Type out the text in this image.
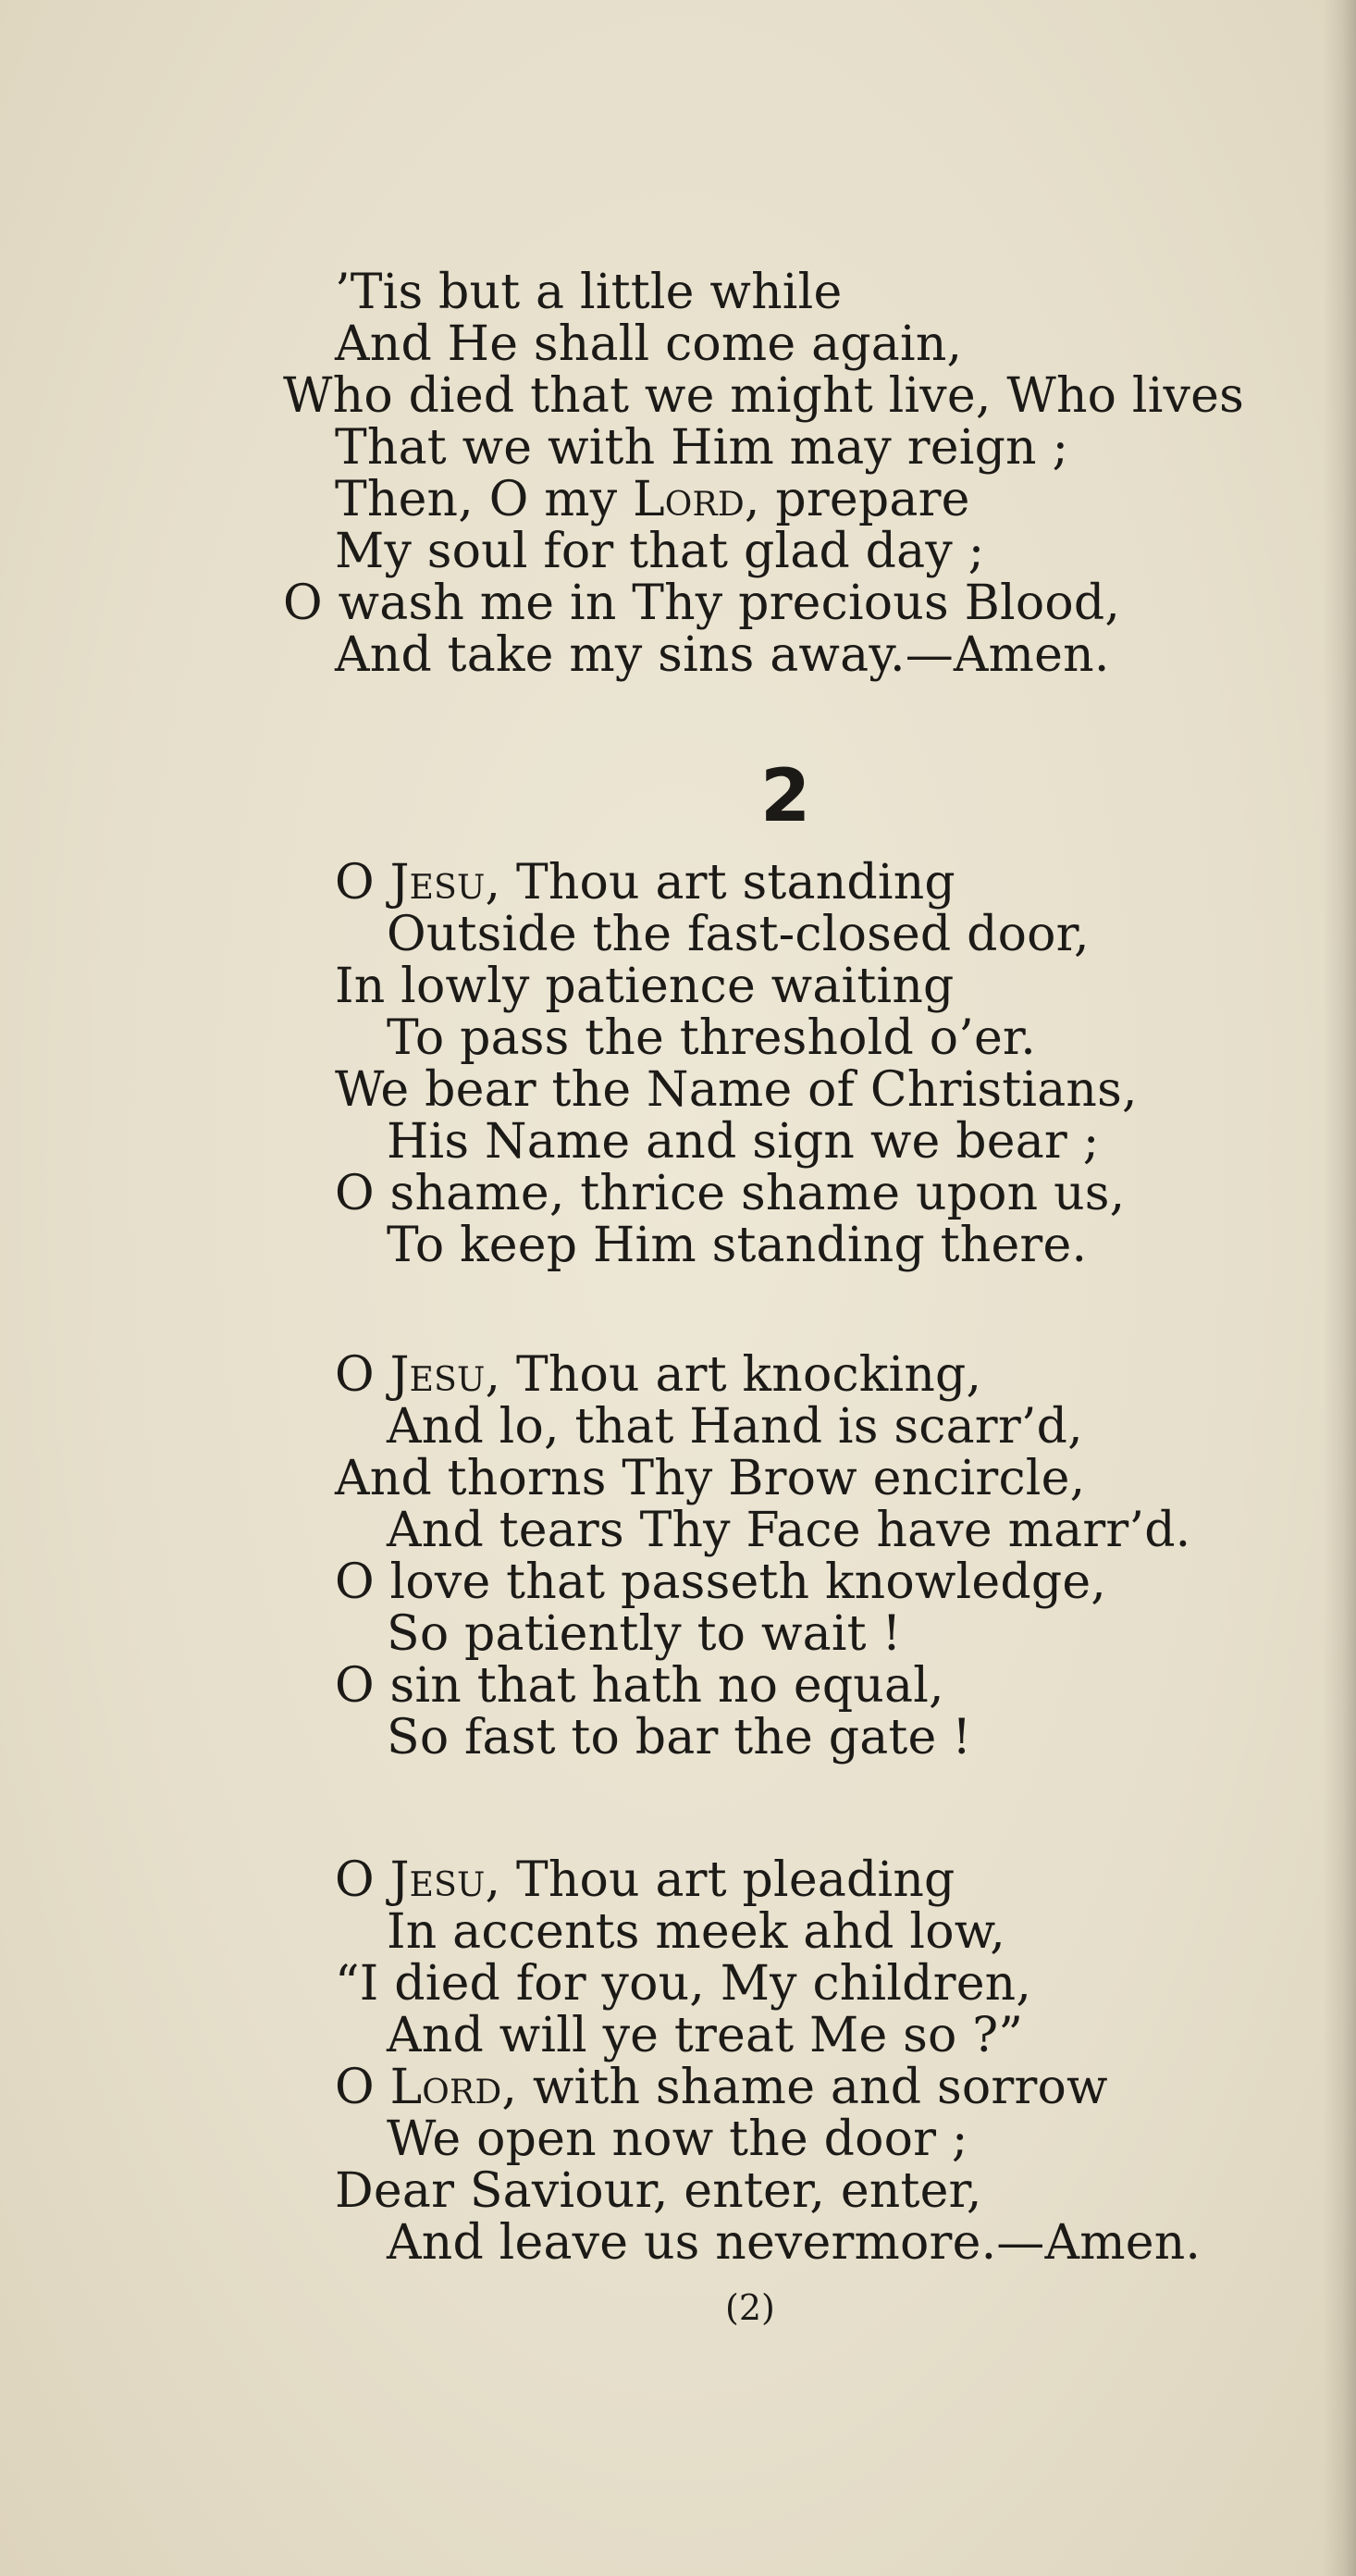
’Tis but a little while
And He shall come again,
Who died that we might live, Who lives
That we with Him may reign ;
Then, O my Lord, prepare
My soul for that glad day ;
O wash me in Thy precious Blood,
And take my sins away.—Amen.
2
O Jesu, Thou art standing
Outside the fast-closed door,
In lowly patience waiting
To pass the threshold o’er.
We bear the Name of Christians,
His Name and sign we bear ;
O shame, thrice shame upon us,
To keep Him standing there.
O Jesu, Thou art knocking,
And lo, that Hand is scarr’d,
And thorns Thy Brow encircle,
And tears Thy Face have marr’d.
O love that passeth knowledge,
So patiently to wait !
O sin that hath no equal,
So fast to bar the gate !
O Jesu, Thou art pleading
In accents meek ahd low,
“I died for you, My children,
And will ye treat Me so ?”
O Lord, with shame and sorrow
We open now the door ;
Dear Saviour, enter, enter,
And leave us nevermore.—Amen.
(2)
